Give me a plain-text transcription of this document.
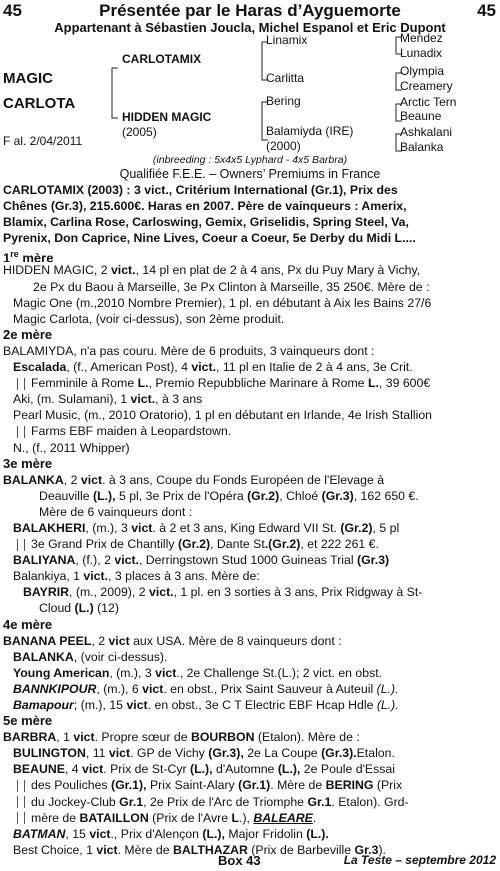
45	Présentée par le Haras d’Ayguemorte	45
Appartenant à Sébastien Joucla, Michel Espanol et Eric Dupont
MAGIC
CARLOTA
F al. 2/04/2011
CARLOTAMIX
HIDDEN MAGIC
(2005)
Linamix
Carlitta
Bering
Balamiyda (IRE)
(2000)
Mendez
Lunadix
Olympia
Creamery
Arctic Tern
Beaune
Ashkalani
Balanka
(inbreeding : 5x4x5 Lyphard - 4x5 Barbra)
Qualifiée F.E.E. – Owners’ Premiums in France
CARLOTAMIX (2003) : 3 vict., Critérium International (Gr.1), Prix des
Chênes (Gr.3), 215.600€. Haras en 2007. Père de vainqueurs : Amerix,
Blamix, Carlina Rose, Carloswing, Gemix, Griselidis, Spring Steel, Va,
Pyrenix, Don Caprice, Nine Lives, Coeur a Coeur, 5e Derby du Midi L....
1re mère
HIDDEN MAGIC, 2 vict., 14 pl en plat de 2 à 4 ans, Px du Puy Mary à Vichy,
2e Px du Baou à Marseille, 3e Px Clinton à Marseille, 35 250€. Mère de :
Magic One (m.,2010 Nombre Premier), 1 pl. en débutant à Aix les Bains 27/6
Magic Carlota, (voir ci-dessus), son 2ème produit.
2e mère
BALAMIYDA, n'a pas couru. Mère de 6 produits, 3 vainqueurs dont :
Escalada, (f., American Post), 4 vict., 11 pl en Italie de 2 à 4 ans, 3e Crit.
Femminile à Rome L., Premio Repubbliche Marinare à Rome L., 39 600€
Aki, (m. Sulamani), 1 vict., à 3 ans
Pearl Music, (m., 2010 Oratorio), 1 pl en débutant en Irlande, 4e Irish Stallion
Farms EBF maiden à Leopardstown.
N., (f., 2011 Whipper)
3e mère
BALANKA, 2 vict. à 3 ans, Coupe du Fonds Européen de l'Elevage à
Deauville (L.), 5 pl, 3e Prix de l'Opéra (Gr.2), Chloé (Gr.3), 162 650 €.
Mère de 6 vainqueurs dont :
BALAKHERI, (m.), 3 vict. à 2 et 3 ans, King Edward VII St. (Gr.2), 5 pl
3e Grand Prix de Chantilly (Gr.2), Dante St.(Gr.2), et 222 261 €.
BALIYANA, (f.), 2 vict., Derringstown Stud 1000 Guineas Trial (Gr.3)
Balankiya, 1 vict., 3 places à 3 ans. Mère de:
BAYRIR, (m., 2009), 2 vict., 1 pl. en 3 sorties à 3 ans, Prix Ridgway à St-
Cloud (L.) (12)
4e mère
BANANA PEEL, 2 vict aux USA. Mère de 8 vainqueurs dont :
BALANKA, (voir ci-dessus).
Young American, (m.), 3 vict., 2e Challenge St.(L.); 2 vict. en obst.
BANNKIPOUR, (m.), 6 vict. en obst., Prix Saint Sauveur à Auteuil (L.).
Bamapour; (m.), 15 vict. en obst., 3e C T Electric EBF Hcap Hdle (L.).
5e mère
BARBRA, 1 vict. Propre sœur de BOURBON (Etalon). Mère de :
BULINGTON, 11 vict. GP de Vichy (Gr.3), 2e La Coupe (Gr.3).Etalon.
BEAUNE, 4 vict. Prix de St-Cyr (L.), d'Automne (L.), 2e Poule d'Essai
des Pouliches (Gr.1), Prix Saint-Alary (Gr.1). Mère de BERING (Prix
du Jockey-Club Gr.1, 2e Prix de l'Arc de Triomphe Gr.1. Etalon). Grd-
mère de BATAILLON (Prix de l'Avre L.), BALEARE.
BATMAN, 15 vict., Prix d'Alençon (L.), Major Fridolin (L.).
Best Choice, 1 vict. Mère de BALTHAZAR (Prix de Barbeville Gr.3).
Box 43	La Teste – septembre 2012
